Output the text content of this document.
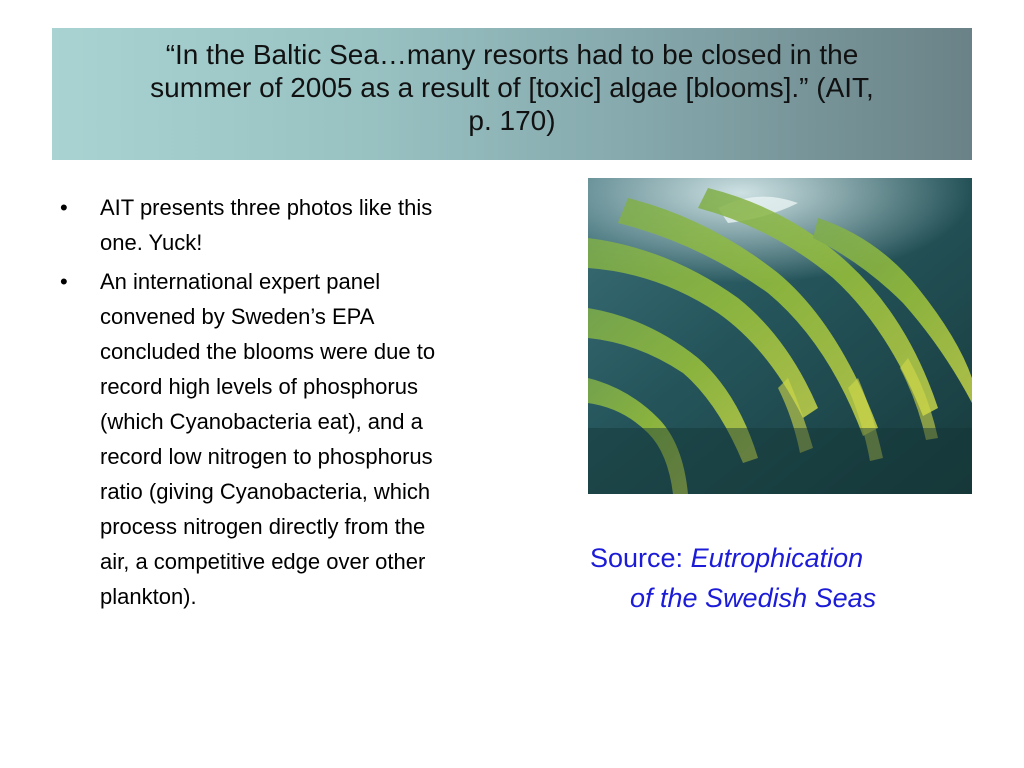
“In the Baltic Sea…many resorts had to be closed in the
summer of 2005 as a result of [toxic] algae [blooms].” (AIT,
p. 170)
• AIT presents three photos like this
one. Yuck!
• An international expert panel
convened by Sweden’s EPA
concluded the blooms were due to
record high levels of phosphorus
(which Cyanobacteria eat), and a
record low nitrogen to phosphorus
ratio (giving Cyanobacteria, which
process nitrogen directly from the
air, a competitive edge over other
plankton).
Source: Eutrophication
of the Swedish Seas
